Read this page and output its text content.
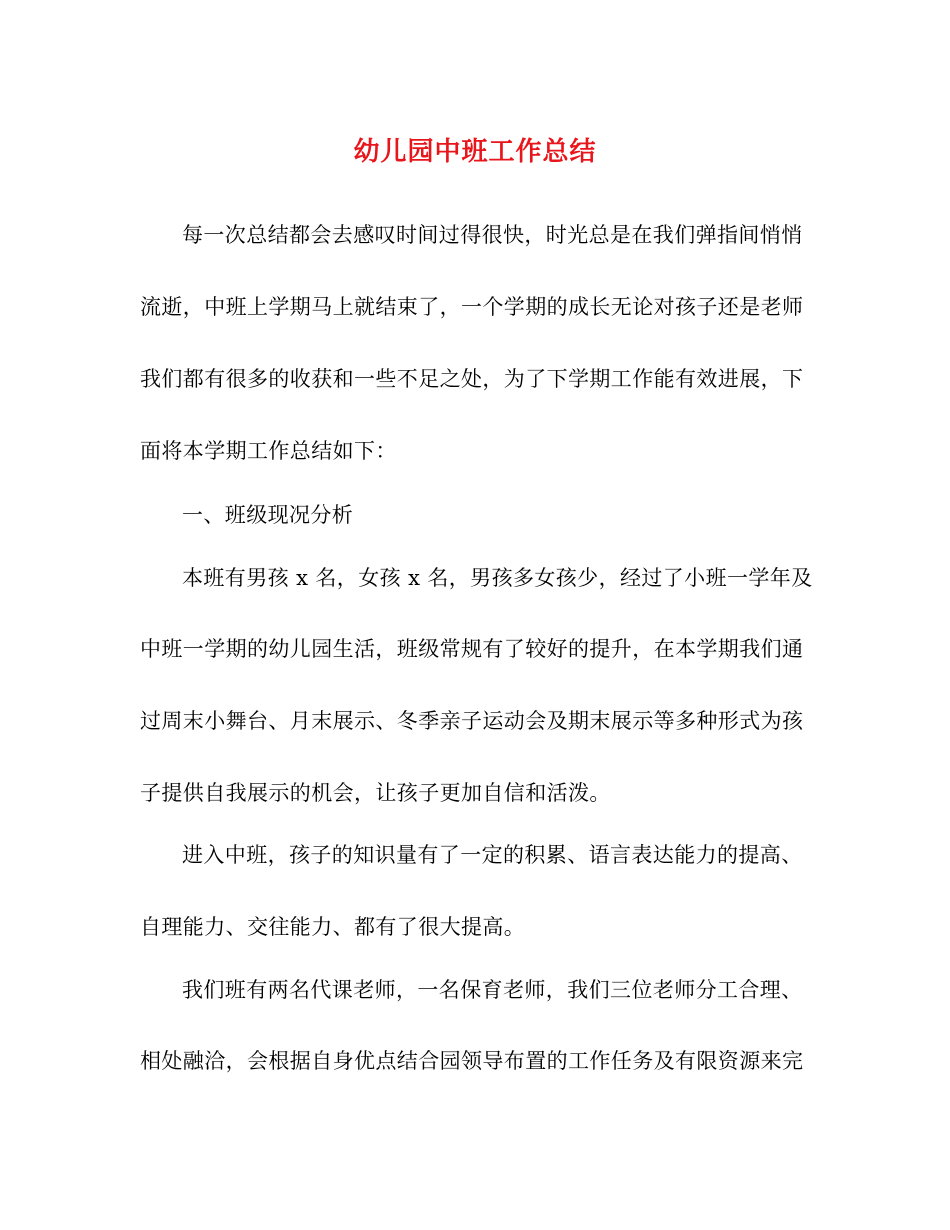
幼儿园中班工作总结
每一次总结都会去感叹时间过得很快，时光总是在我们弹指间悄悄
流逝，中班上学期马上就结束了，一个学期的成长无论对孩子还是老师
我们都有很多的收获和一些不足之处，为了下学期工作能有效进展，下
面将本学期工作总结如下：
一、班级现况分析
本班有男孩 x 名，女孩 x 名，男孩多女孩少，经过了小班一学年及
中班一学期的幼儿园生活，班级常规有了较好的提升，在本学期我们通
过周末小舞台、月末展示、冬季亲子运动会及期末展示等多种形式为孩
子提供自我展示的机会，让孩子更加自信和活泼。
进入中班，孩子的知识量有了一定的积累、语言表达能力的提高、
自理能力、交往能力、都有了很大提高。
我们班有两名代课老师，一名保育老师，我们三位老师分工合理、
相处融洽，会根据自身优点结合园领导布置的工作任务及有限资源来完
